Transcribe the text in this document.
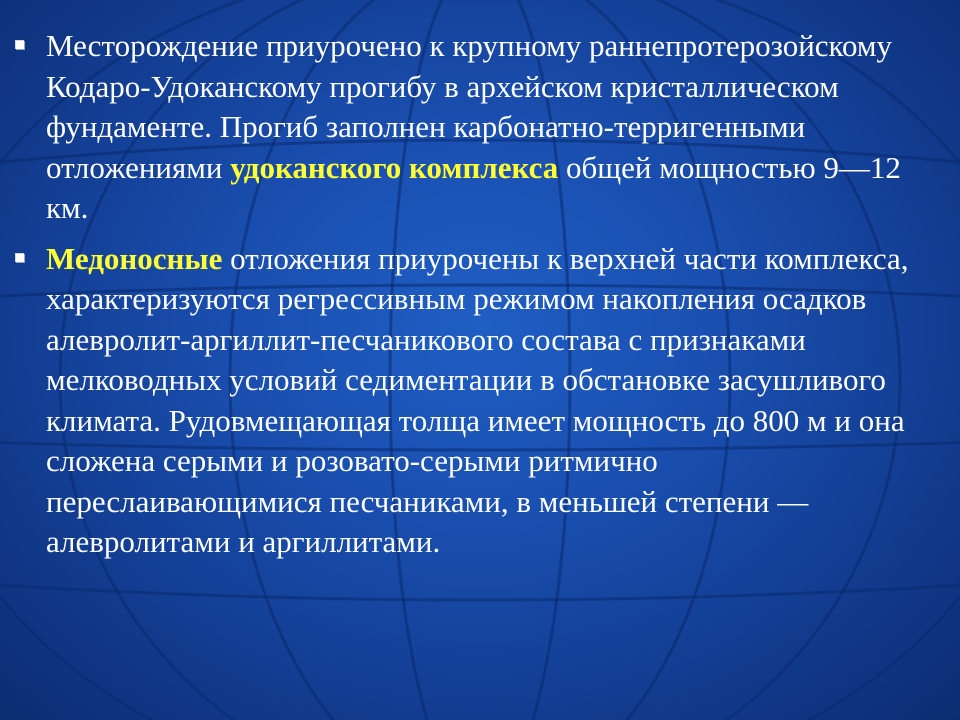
Месторождение приурочено к крупному раннепротерозойскому Кодаро-Удоканскому прогибу в архейском кристаллическом фундаменте. Прогиб заполнен карбонатно-терригенными отложениями удоканского комплекса общей мощностью 9—12 км.
Медоносные отложения приурочены к верхней части комплекса, характеризуются регрессивным режимом накопления осадков алевролит-аргиллит-песчаникового состава с признаками мелководных условий седиментации в обстановке засушливого климата. Рудовмещающая толща имеет мощность до 800 м и она сложена серыми и розовато-серыми ритмично переслаивающимися песчаниками, в меньшей степени — алевролитами и аргиллитами.
